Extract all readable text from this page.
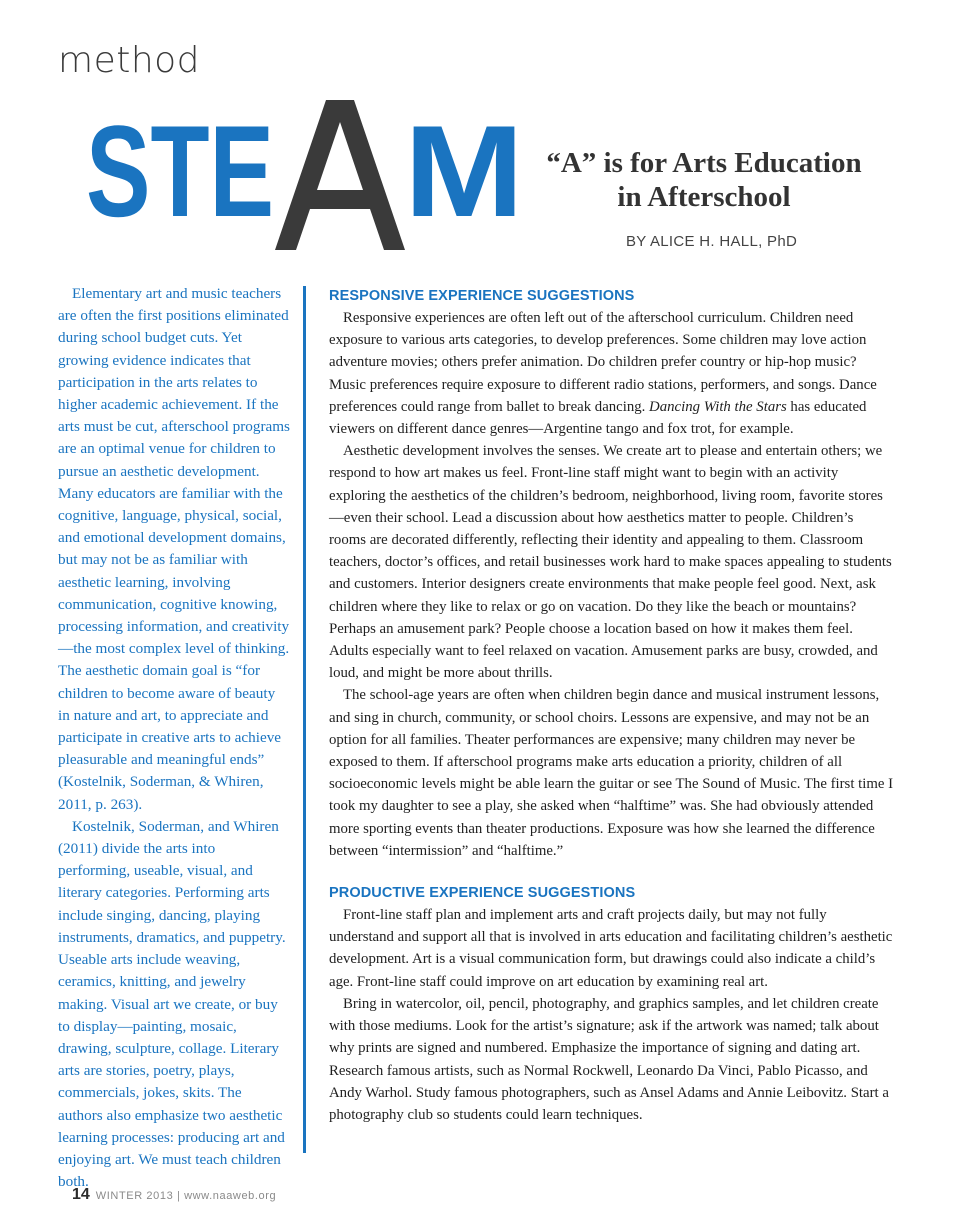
method
STE M “A” is for Arts Education in Afterschool

BY ALICE H. HALL, PhD

Elementary art and music teachers are often the first positions eliminated during school budget cuts. Yet growing evidence indicates that participation in the arts relates to higher academic achievement. If the arts must be cut, afterschool programs are an optimal venue for children to pursue an aesthetic development. Many educators are familiar with the cognitive, language, physical, social, and emotional development domains, but may not be as familiar with aesthetic learning, involving communication, cognitive knowing, processing information, and creativity—the most complex level of thinking. The aesthetic domain goal is “for children to become aware of beauty in nature and art, to appreciate and participate in creative arts to achieve pleasurable and meaningful ends” (Kostelnik, Soderman, & Whiren, 2011, p. 263).

Kostelnik, Soderman, and Whiren (2011) divide the arts into performing, useable, visual, and literary categories. Performing arts include singing, dancing, playing instruments, dramatics, and puppetry. Useable arts include weaving, ceramics, knitting, and jewelry making. Visual art we create, or buy to display—painting, mosaic, drawing, sculpture, collage. Literary arts are stories, poetry, plays, commercials, jokes, skits. The authors also emphasize two aesthetic learning processes: producing art and enjoying art. We must teach children both.

RESPONSIVE EXPERIENCE SUGGESTIONS

Responsive experiences are often left out of the afterschool curriculum. Children need exposure to various arts categories, to develop preferences. Some children may love action adventure movies; others prefer animation. Do children prefer country or hip-hop music? Music preferences require exposure to different radio stations, performers, and songs. Dance preferences could range from ballet to break dancing. Dancing With the Stars has educated viewers on different dance genres—Argentine tango and fox trot, for example.

Aesthetic development involves the senses. We create art to please and entertain others; we respond to how art makes us feel. Front-line staff might want to begin with an activity exploring the aesthetics of the children’s bedroom, neighborhood, living room, favorite stores—even their school. Lead a discussion about how aesthetics matter to people. Children’s rooms are decorated differently, reflecting their identity and appealing to them. Classroom teachers, doctor’s offices, and retail businesses work hard to make spaces appealing to students and customers. Interior designers create environments that make people feel good. Next, ask children where they like to relax or go on vacation. Do they like the beach or mountains? Perhaps an amusement park? People choose a location based on how it makes them feel. Adults especially want to feel relaxed on vacation. Amusement parks are busy, crowded, and loud, and might be more about thrills.

The school-age years are often when children begin dance and musical instrument lessons, and sing in church, community, or school choirs. Lessons are expensive, and may not be an option for all families. Theater performances are expensive; many children may never be exposed to them. If afterschool programs make arts education a priority, children of all socioeconomic levels might be able learn the guitar or see The Sound of Music. The first time I took my daughter to see a play, she asked when “halftime” was. She had obviously attended more sporting events than theater productions. Exposure was how she learned the difference between “intermission” and “halftime.”

PRODUCTIVE EXPERIENCE SUGGESTIONS

Front-line staff plan and implement arts and craft projects daily, but may not fully understand and support all that is involved in arts education and facilitating children’s aesthetic development. Art is a visual communication form, but drawings could also indicate a child’s age. Front-line staff could improve on art education by examining real art.

Bring in watercolor, oil, pencil, photography, and graphics samples, and let children create with those mediums. Look for the artist’s signature; ask if the artwork was named; talk about why prints are signed and numbered. Emphasize the importance of signing and dating art. Research famous artists, such as Normal Rockwell, Leonardo Da Vinci, Pablo Picasso, and Andy Warhol. Study famous photographers, such as Ansel Adams and Annie Leibovitz. Start a photography club so students could learn techniques.

14 WINTER 2013 | www.naaweb.org
